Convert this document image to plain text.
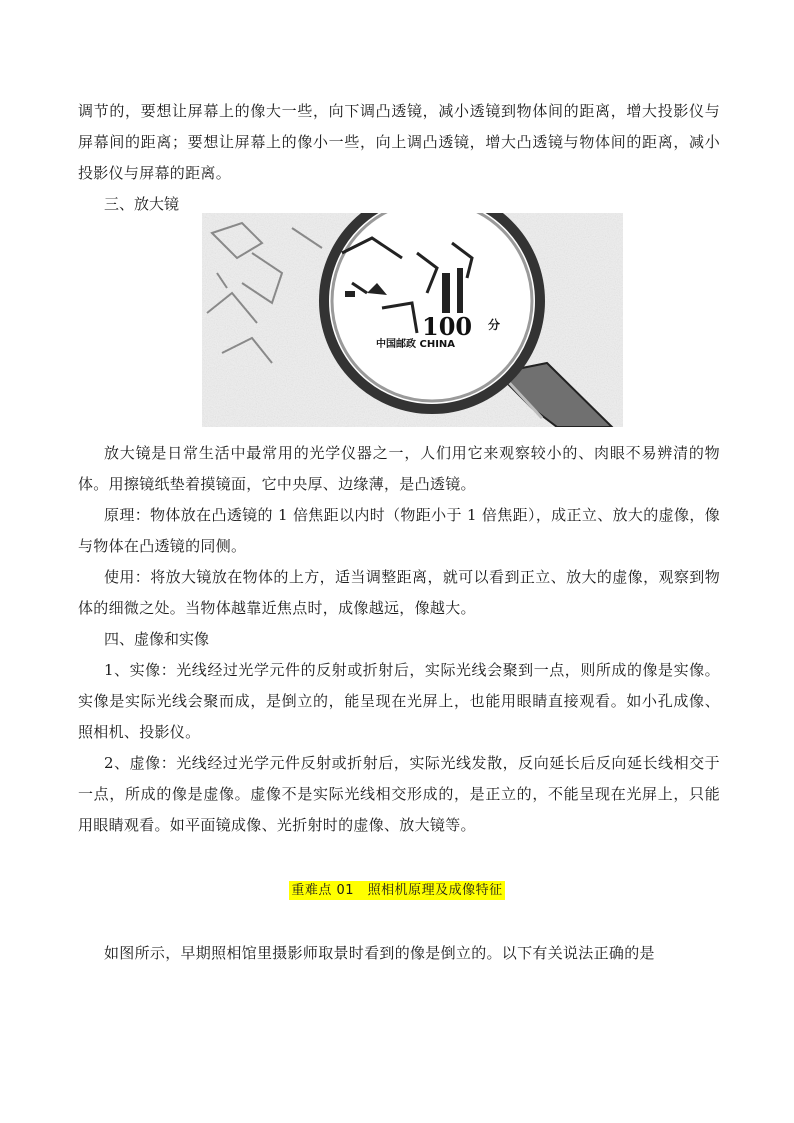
调节的，要想让屏幕上的像大一些，向下调凸透镜，减小透镜到物体间的距离，增大投影仪与屏幕间的距离；要想让屏幕上的像小一些，向上调凸透镜，增大凸透镜与物体间的距离，减小投影仪与屏幕的距离。

三、放大镜

100 分
中国邮政 CHINA

放大镜是日常生活中最常用的光学仪器之一，人们用它来观察较小的、肉眼不易辨清的物体。用擦镜纸垫着摸镜面，它中央厚、边缘薄，是凸透镜。

原理：物体放在凸透镜的 1 倍焦距以内时（物距小于 1 倍焦距），成正立、放大的虚像，像与物体在凸透镜的同侧。

使用：将放大镜放在物体的上方，适当调整距离，就可以看到正立、放大的虚像，观察到物体的细微之处。当物体越靠近焦点时，成像越远，像越大。

四、虚像和实像

1、实像：光线经过光学元件的反射或折射后，实际光线会聚到一点，则所成的像是实像。实像是实际光线会聚而成，是倒立的，能呈现在光屏上，也能用眼睛直接观看。如小孔成像、照相机、投影仪。

2、虚像：光线经过光学元件反射或折射后，实际光线发散，反向延长后反向延长线相交于一点，所成的像是虚像。虚像不是实际光线相交形成的，是正立的，不能呈现在光屏上，只能用眼睛观看。如平面镜成像、光折射时的虚像、放大镜等。

重难点 01　照相机原理及成像特征

如图所示，早期照相馆里摄影师取景时看到的像是倒立的。以下有关说法正确的是
